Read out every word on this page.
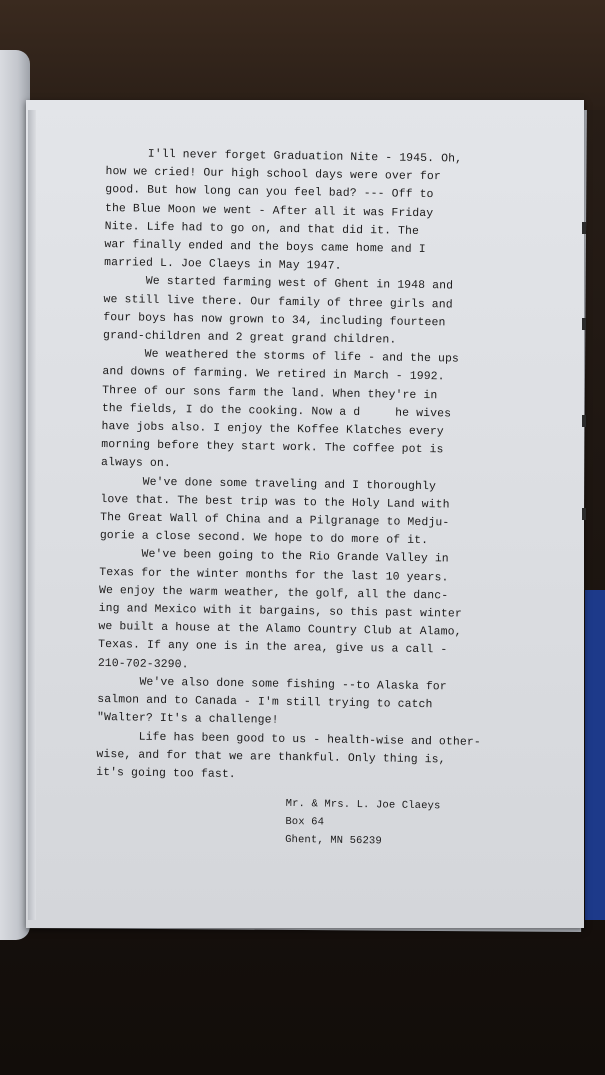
I'll never forget Graduation Nite - 1945. Oh,
how we cried! Our high school days were over for
good. But how long can you feel bad? --- Off to
the Blue Moon we went - After all it was Friday
Nite. Life had to go on, and that did it. The
war finally ended and the boys came home and I
married L. Joe Claeys in May 1947.

We started farming west of Ghent in 1948 and
we still live there. Our family of three girls and
four boys has now grown to 34, including fourteen
grand-children and 2 great grand children.

We weathered the storms of life - and the ups
and downs of farming. We retired in March - 1992.
Three of our sons farm the land. When they're in
the fields, I do the cooking. Now a d     he wives
have jobs also. I enjoy the Koffee Klatches every
morning before they start work. The coffee pot is
always on.

We've done some traveling and I thoroughly
love that. The best trip was to the Holy Land with
The Great Wall of China and a Pilgranage to Medju-
gorie a close second. We hope to do more of it.

We've been going to the Rio Grande Valley in
Texas for the winter months for the last 10 years.
We enjoy the warm weather, the golf, all the danc-
ing and Mexico with it bargains, so this past winter
we built a house at the Alamo Country Club at Alamo,
Texas. If any one is in the area, give us a call -
210-702-3290.

We've also done some fishing --to Alaska for
salmon and to Canada - I'm still trying to catch
"Walter? It's a challenge!

Life has been good to us - health-wise and other-
wise, and for that we are thankful. Only thing is,
it's going too fast.

Mr. & Mrs. L. Joe Claeys
Box 64
Ghent, MN 56239
